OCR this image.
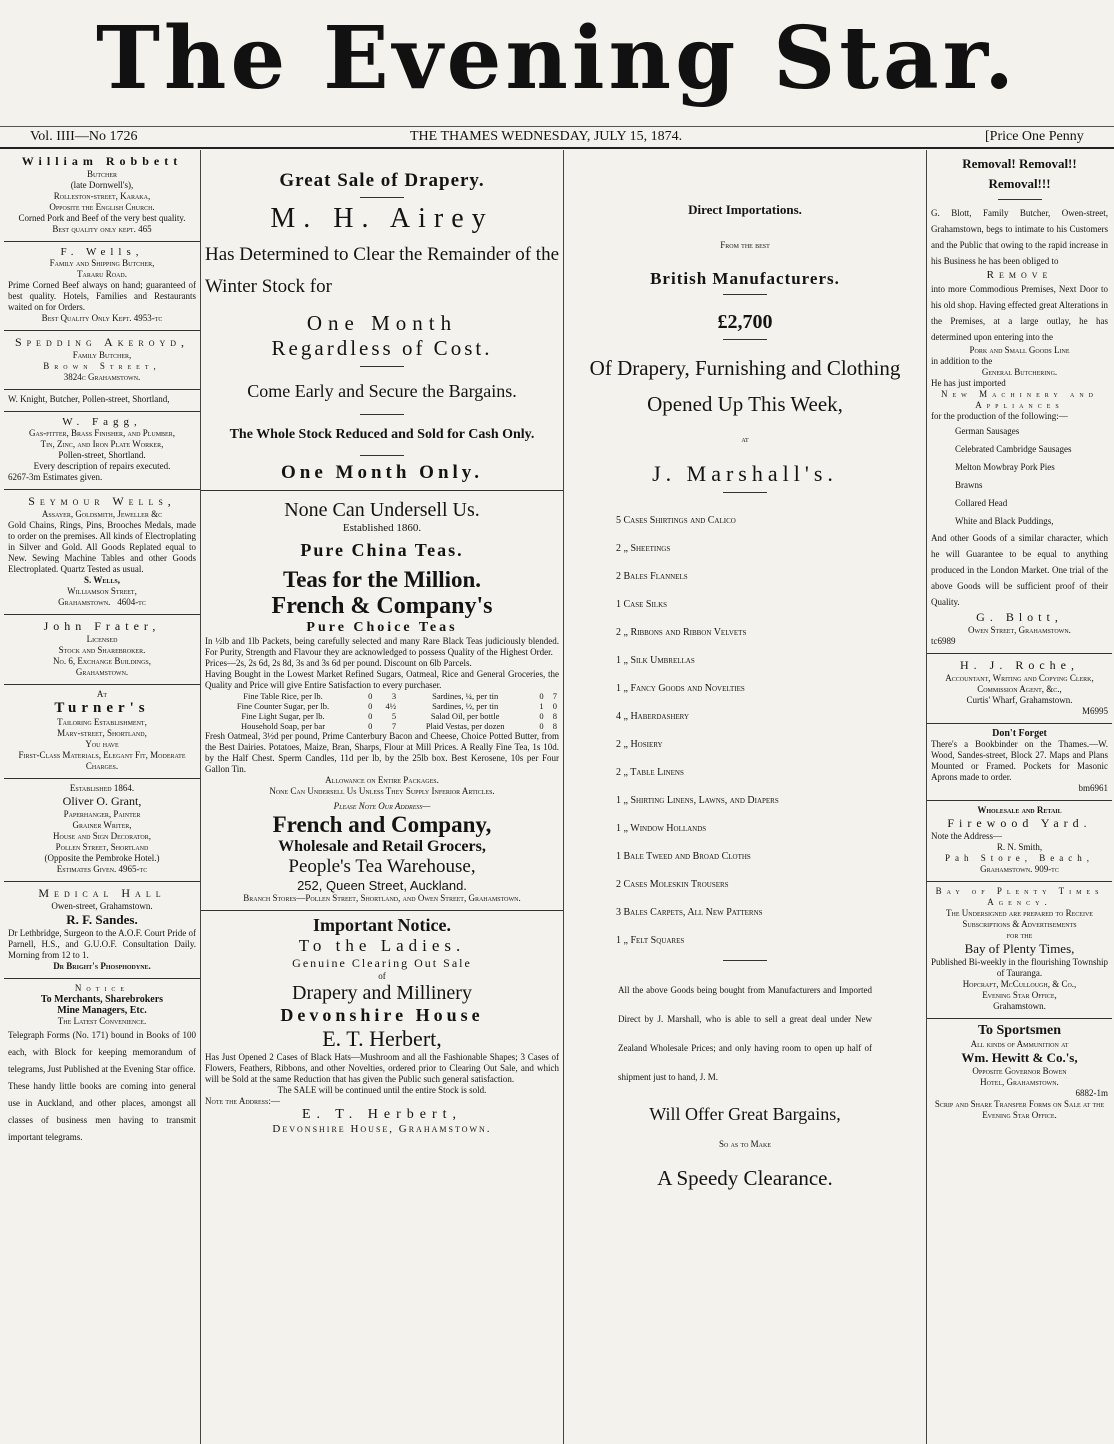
The Evening Star.
Vol. IIII—No 1726	THE THAMES WEDNESDAY, JULY 15, 1874.	[Price One Penny
William Robbett
Butcher
(late Dornwell's),
Rolleston-street, Karaka,
Opposite the English Church.
Corned Pork and Beef of the very best quality.
Best quality only kept. 465
F. Wells,
Family and Shipping Butcher,
Tararu Road.
Prime Corned Beef always on hand; guaranteed of best quality. Hotels, Families and Restaurants waited on for Orders.
Best Quality Only Kept. 4953-tc
Spedding Akeroyd,
Family Butcher,
Brown Street,
3824c Grahamstown.
W. Knight, Butcher, Pollen-street, Shortland,
W. Fagg,
Gas-fitter, Brass Finisher, and Plumber,
Tin, Zinc, and Iron Plate Worker,
Pollen-street, Shortland.
Every description of repairs executed.
6267-3m Estimates given.
Seymour Wells,
Assayer, Goldsmith, Jeweller &c
Gold Chains, Rings, Pins, Brooches Medals, made to order on the premises. All kinds of Electroplating in Silver and Gold. All Goods Replated equal to New. Sewing Machine Tables and other Goods Electroplated. Quartz Tested as usual.
S. Wells,
Williamson Street,
Grahamstown. 4604-tc
John Frater,
Licensed
Stock and Sharebroker.
No. 6, Exchange Buildings,
Grahamstown.
At
Turner's
Tailoring Establishment,
Mary-street, Shortland,
You have
First-Class Materials, Elegant Fit, Moderate Charges.
Established 1864.
Oliver O. Grant,
Paperhanger, Painter
Grainer Writer,
House and Sign Decorator,
Pollen Street, Shortland
(Opposite the Pembroke Hotel.)
Estimates Given. 4965-tc
Medical Hall
Owen-street, Grahamstown.
R. F. Sandes.
Dr Lethbridge, Surgeon to the A.O.F. Court Pride of Parnell, H.S., and G.U.O.F. Consultation Daily. Morning from 12 to 1.
Dr Bright's Phosphodyne.
Notice
To Merchants, Sharebrokers
Mine Managers, Etc.
The Latest Convenience.
Telegraph Forms (No. 171) bound in Books of 100 each, with Block for keeping memorandum of telegrams, Just Published at the Evening Star office.
These handy little books are coming into general use in Auckland, and other places, amongst all classes of business men having to transmit important telegrams.
Great Sale of Drapery.
M. H. Airey
Has Determined to Clear the Remainder of the Winter Stock for
One Month
Regardless of Cost.
Come Early and Secure the Bargains.
The Whole Stock Reduced and Sold for Cash Only.
One Month Only.
None Can Undersell Us.
Established 1860.
Pure China Teas.
Teas for the Million.
French & Company's
Pure Choice Teas
In ½lb and 1lb Packets, being carefully selected and many Rare Black Teas judiciously blended. For Purity, Strength and Flavour they are acknowledged to possess Quality of the Highest Order.
Prices—2s, 2s 6d, 2s 8d, 3s and 3s 6d per pound. Discount on 6lb Parcels.
Having Bought in the Lowest Market Refined Sugars, Oatmeal, Rice and General Groceries, the Quality and Price will give Entire Satisfaction to every purchaser.
Fine Table Rice, per lb.	0	3	Sardines, ¼, per tin	0	7
Fine Counter Sugar, per lb.	0	4½	Sardines, ½, per tin	1	0
Fine Light Sugar, per lb.	0	5	Salad Oil, per bottle	0	8
Household Soap, per bar	0	7	Plaid Vestas, per dozen	0	8
Fresh Oatmeal, 3½d per pound, Prime Canterbury Bacon and Cheese, Choice Potted Butter, from the Best Dairies. Potatoes, Maize, Bran, Sharps, Flour at Mill Prices. A Really Fine Tea, 1s 10d. by the Half Chest. Sperm Candles, 11d per lb, by the 25lb box. Best Kerosene, 10s per Four Gallon Tin.
Allowance on Entire Packages.
None Can Undersell Us Unless They Supply Inferior Articles.
Please Note Our Address—
French and Company,
Wholesale and Retail Grocers,
People's Tea Warehouse,
252, Queen Street, Auckland.
Branch Stores—Pollen Street, Shortland, and Owen Street, Grahamstown.
Important Notice.
To the Ladies.
Genuine Clearing Out Sale
of
Drapery and Millinery
Devonshire House
E. T. Herbert,
Has Just Opened 2 Cases of Black Hats—Mushroom and all the Fashionable Shapes; 3 Cases of Flowers, Feathers, Ribbons, and other Novelties, ordered prior to Clearing Out Sale, and which will be Sold at the same Reduction that has given the Public such general satisfaction.
The SALE will be continued until the entire Stock is sold.
Note the Address:—
E. T. Herbert,
Devonshire House, Grahamstown.
Direct Importations.
From the best
British Manufacturers.
£2,700
Of Drapery, Furnishing and Clothing Opened Up This Week,
at
J. Marshall's.
5 Cases Shirtings and Calico
2 „ Sheetings
2 Bales Flannels
1 Case Silks
2 „ Ribbons and Ribbon Velvets
1 „ Silk Umbrellas
1 „ Fancy Goods and Novelties
4 „ Haberdashery
2 „ Hosiery
2 „ Table Linens
1 „ Shirting Linens, Lawns, and Diapers
1 „ Window Hollands
1 Bale Tweed and Broad Cloths
2 Cases Moleskin Trousers
3 Bales Carpets, All New Patterns
1 „ Felt Squares
All the above Goods being bought from Manufacturers and Imported Direct by J. Marshall, who is able to sell a great deal under New Zealand Wholesale Prices; and only having room to open up half of shipment just to hand, J. M.
Will Offer Great Bargains,
So as to Make
A Speedy Clearance.
Removal! Removal!! Removal!!!
G. Blott, Family Butcher, Owen-street, Grahamstown, begs to intimate to his Customers and the Public that owing to the rapid increase in his Business he has been obliged to
Remove
into more Commodious Premises, Next Door to his old shop. Having effected great Alterations in the Premises, at a large outlay, he has determined upon entering into the
Pork and Small Goods Line
in addition to the
General Butchering.
He has just imported
New Machinery and Appliances
for the production of the following:—
German Sausages
Celebrated Cambridge Sausages
Melton Mowbray Pork Pies
Brawns
Collared Head
White and Black Puddings,
And other Goods of a similar character, which he will Guarantee to be equal to anything produced in the London Market. One trial of the above Goods will be sufficient proof of their Quality.
G. Blott,
Owen Street, Grahamstown.
tc6989
H. J. Roche,
Accountant, Writing and Copying Clerk, Commission Agent, &c.,
Curtis' Wharf, Grahamstown.
M6995
Don't Forget
There's a Bookbinder on the Thames.—W. Wood, Sandes-street, Block 27. Maps and Plans Mounted or Framed. Pockets for Masonic Aprons made to order.
bm6961
Wholesale and Retail
Firewood Yard.
Note the Address—
R. N. Smith,
Pah Store, Beach,
Grahamstown. 909-tc
Bay of Plenty Times Agency.
The Undersigned are prepared to Receive Subscriptions & Advertisements
for the
Bay of Plenty Times,
Published Bi-weekly in the flourishing Township of Tauranga.
Hopcraft, McCullough, & Co.,
Evening Star Office,
Grahamstown.
To Sportsmen
All kinds of Ammunition at
Wm. Hewitt & Co.'s,
Opposite Governor Bowen
Hotel, Grahamstown.
6882-1m
Scrip and Share Transfer Forms on Sale at the Evening Star Office.
